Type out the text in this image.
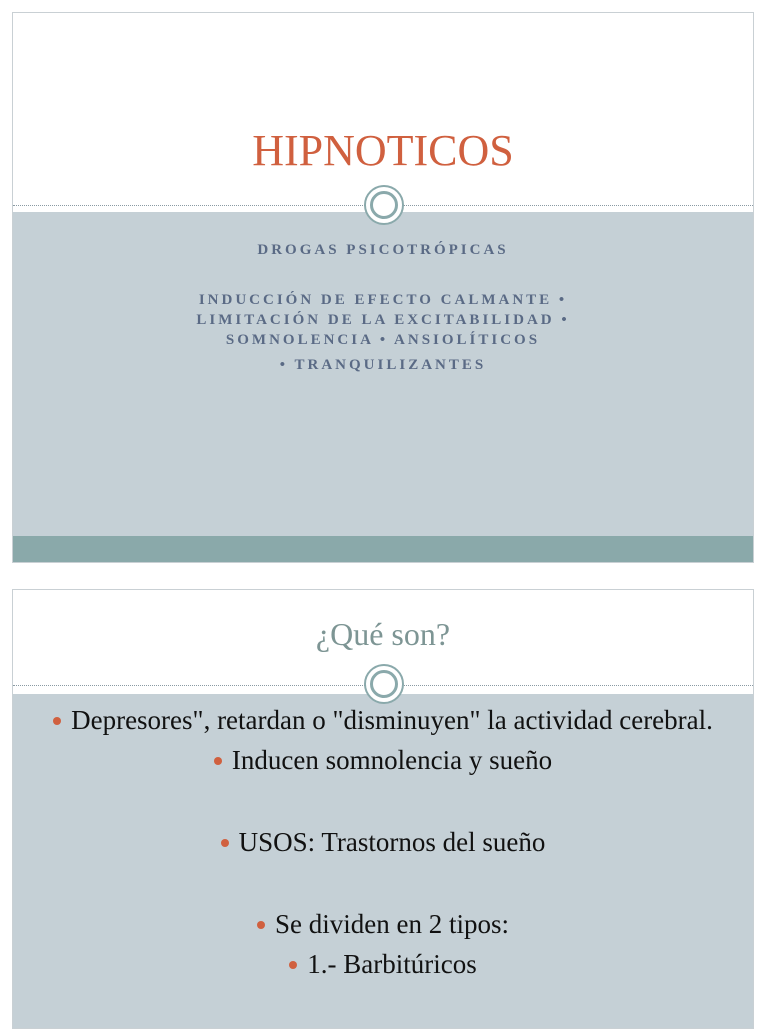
HIPNOTICOS
DROGAS PSICOTRÓPICAS
INDUCCIÓN DE EFECTO CALMANTE •
LIMITACIÓN DE LA EXCITABILIDAD •
SOMNOLENCIA • ANSIOLÍTICOS
• TRANQUILIZANTES
¿Qué son?
Depresores", retardan o "disminuyen" la actividad cerebral.
Inducen somnolencia y sueño
USOS: Trastornos del sueño
Se dividen en 2 tipos:
1.- Barbitúricos
